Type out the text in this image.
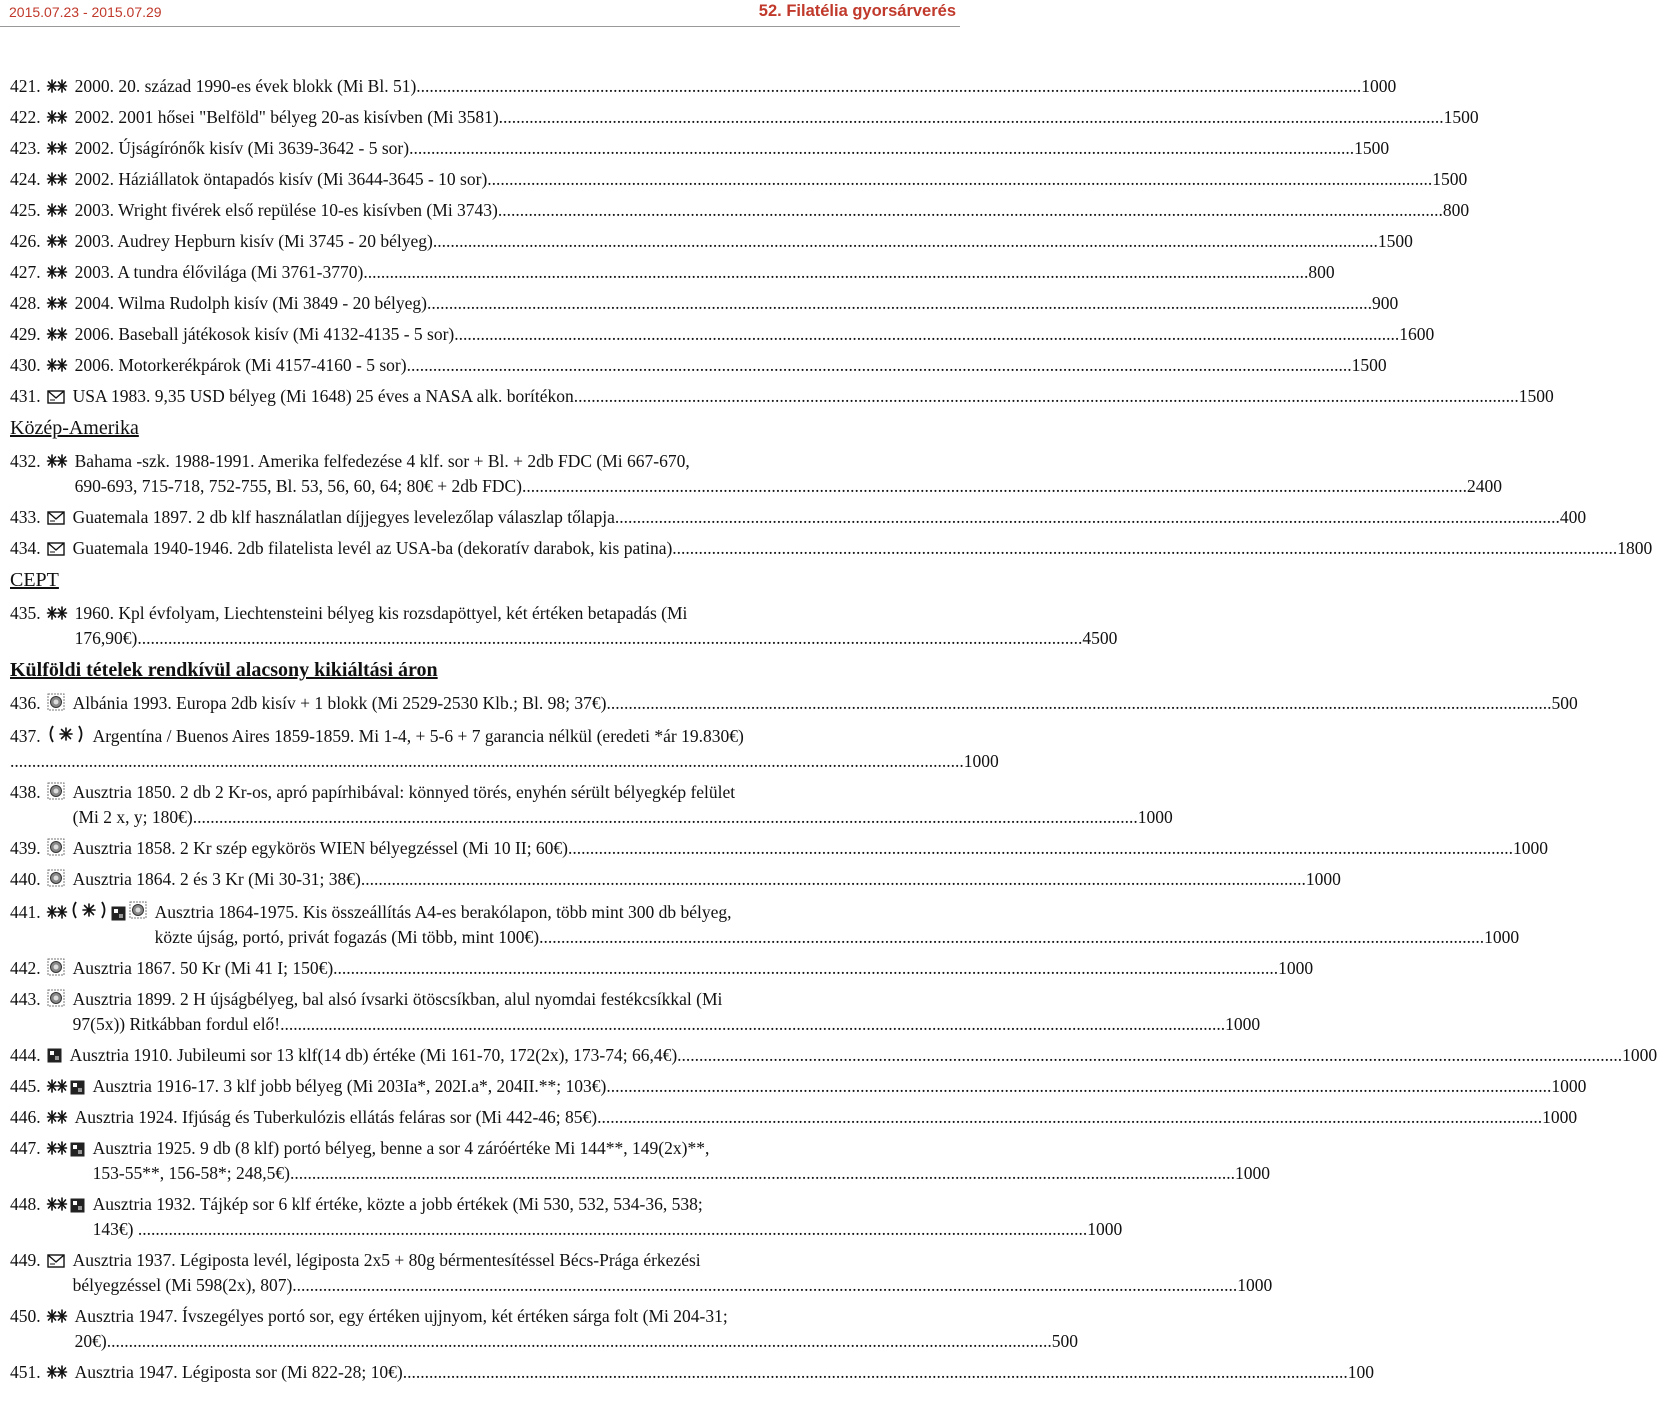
2015.07.23 - 2015.07.29	52. Filatélia gyorsárverés
421.	2000. 20. század 1990-es évek blokk (Mi Bl. 51) .....	1000
422.	2002. 2001 hősei "Belföld" bélyeg 20-as kisívben (Mi 3581) .....	1500
423.	2002. Újságírónők kisív (Mi 3639-3642 - 5 sor) .....	1500
424.	2002. Háziállatok öntapadós kisív (Mi 3644-3645 - 10 sor) .....	1500
425.	2003. Wright fivérek első repülése 10-es kisívben (Mi 3743) .....	800
426.	2003. Audrey Hepburn kisív (Mi 3745 - 20 bélyeg) .....	1500
427.	2003. A tundra élővilága (Mi 3761-3770) .....	800
428.	2004. Wilma Rudolph kisív (Mi 3849 - 20 bélyeg) .....	900
429.	2006. Baseball játékosok kisív (Mi 4132-4135 - 5 sor) .....	1600
430.	2006. Motorkerékpárok (Mi 4157-4160 - 5 sor) .....	1500
431.	USA 1983. 9,35 USD bélyeg (Mi 1648) 25 éves a NASA alk. borítékon .....	1500
Közép-Amerika
432.	Bahama -szk. 1988-1991. Amerika felfedezése 4 klf. sor + Bl. + 2db FDC (Mi 667-670,
690-693, 715-718, 752-755, Bl. 53, 56, 60, 64; 80€ + 2db FDC) .....	2400
433.	Guatemala 1897. 2 db klf használatlan díjjegyes levelezőlap válaszlap tőlapja .....	400
434.	Guatemala 1940-1946. 2db filatelista levél az USA-ba (dekoratív darabok, kis patina) .....	1800
CEPT
435.	1960. Kpl évfolyam, Liechtensteini bélyeg kis rozsdapöttyel, két értéken betapadás (Mi
176,90€) .....	4500
Külföldi tételek rendkívül alacsony kikiáltási áron
436.	Albánia 1993. Europa 2db kisív + 1 blokk (Mi 2529-2530 Klb.; Bl. 98; 37€) .....	500
437.	Argentína / Buenos Aires 1859-1859. Mi 1-4, + 5-6 + 7 garancia nélkül (eredeti *ár 19.830€)
.. .....	1000
438.	Ausztria 1850. 2 db 2 Kr-os, apró papírhibával: könnyed törés, enyhén sérült bélyegkép felület
(Mi 2 x, y; 180€) .....	1000
439.	Ausztria 1858. 2 Kr szép egykörös WIEN bélyegzéssel (Mi 10 II; 60€) .....	1000
440.	Ausztria 1864. 2 és 3 Kr (Mi 30-31; 38€) .....	1000
441.	Ausztria 1864-1975. Kis összeállítás A4-es berakólapon, több mint 300 db bélyeg,
közte újság, portó, privát fogazás (Mi több, mint 100€) .....	1000
442.	Ausztria 1867. 50 Kr (Mi 41 I; 150€) .....	1000
443.	Ausztria 1899. 2 H újságbélyeg, bal alsó ívsarki ötöscsíkban, alul nyomdai festékcsíkkal (Mi
97(5x)) Ritkábban fordul elő! .....	1000
444.	Ausztria 1910. Jubileumi sor 13 klf(14 db) értéke (Mi 161-70, 172(2x), 173-74; 66,4€) .....	1000
445.	Ausztria 1916-17. 3 klf jobb bélyeg (Mi 203Ia*, 202I.a*, 204II.**; 103€) .....	1000
446.	Ausztria 1924. Ifjúság és Tuberkulózis ellátás feláras sor (Mi 442-46; 85€) .....	1000
447.	Ausztria 1925. 9 db (8 klf) portó bélyeg, benne a sor 4 záróértéke Mi 144**, 149(2x)**,
153-55**, 156-58*; 248,5€) .....	1000
448.	Ausztria 1932. Tájkép sor 6 klf értéke, közte a jobb értékek (Mi 530, 532, 534-36, 538;
143€) . .....	1000
449.	Ausztria 1937. Légiposta levél, légiposta 2x5 + 80g bérmentesítéssel Bécs-Prága érkezési
bélyegzéssel (Mi 598(2x), 807) .....	1000
450.	Ausztria 1947. Ívszegélyes portó sor, egy értéken ujjnyom, két értéken sárga folt (Mi 204-31;
20€) .....	500
451.	Ausztria 1947. Légiposta sor (Mi 822-28; 10€) .....	100
